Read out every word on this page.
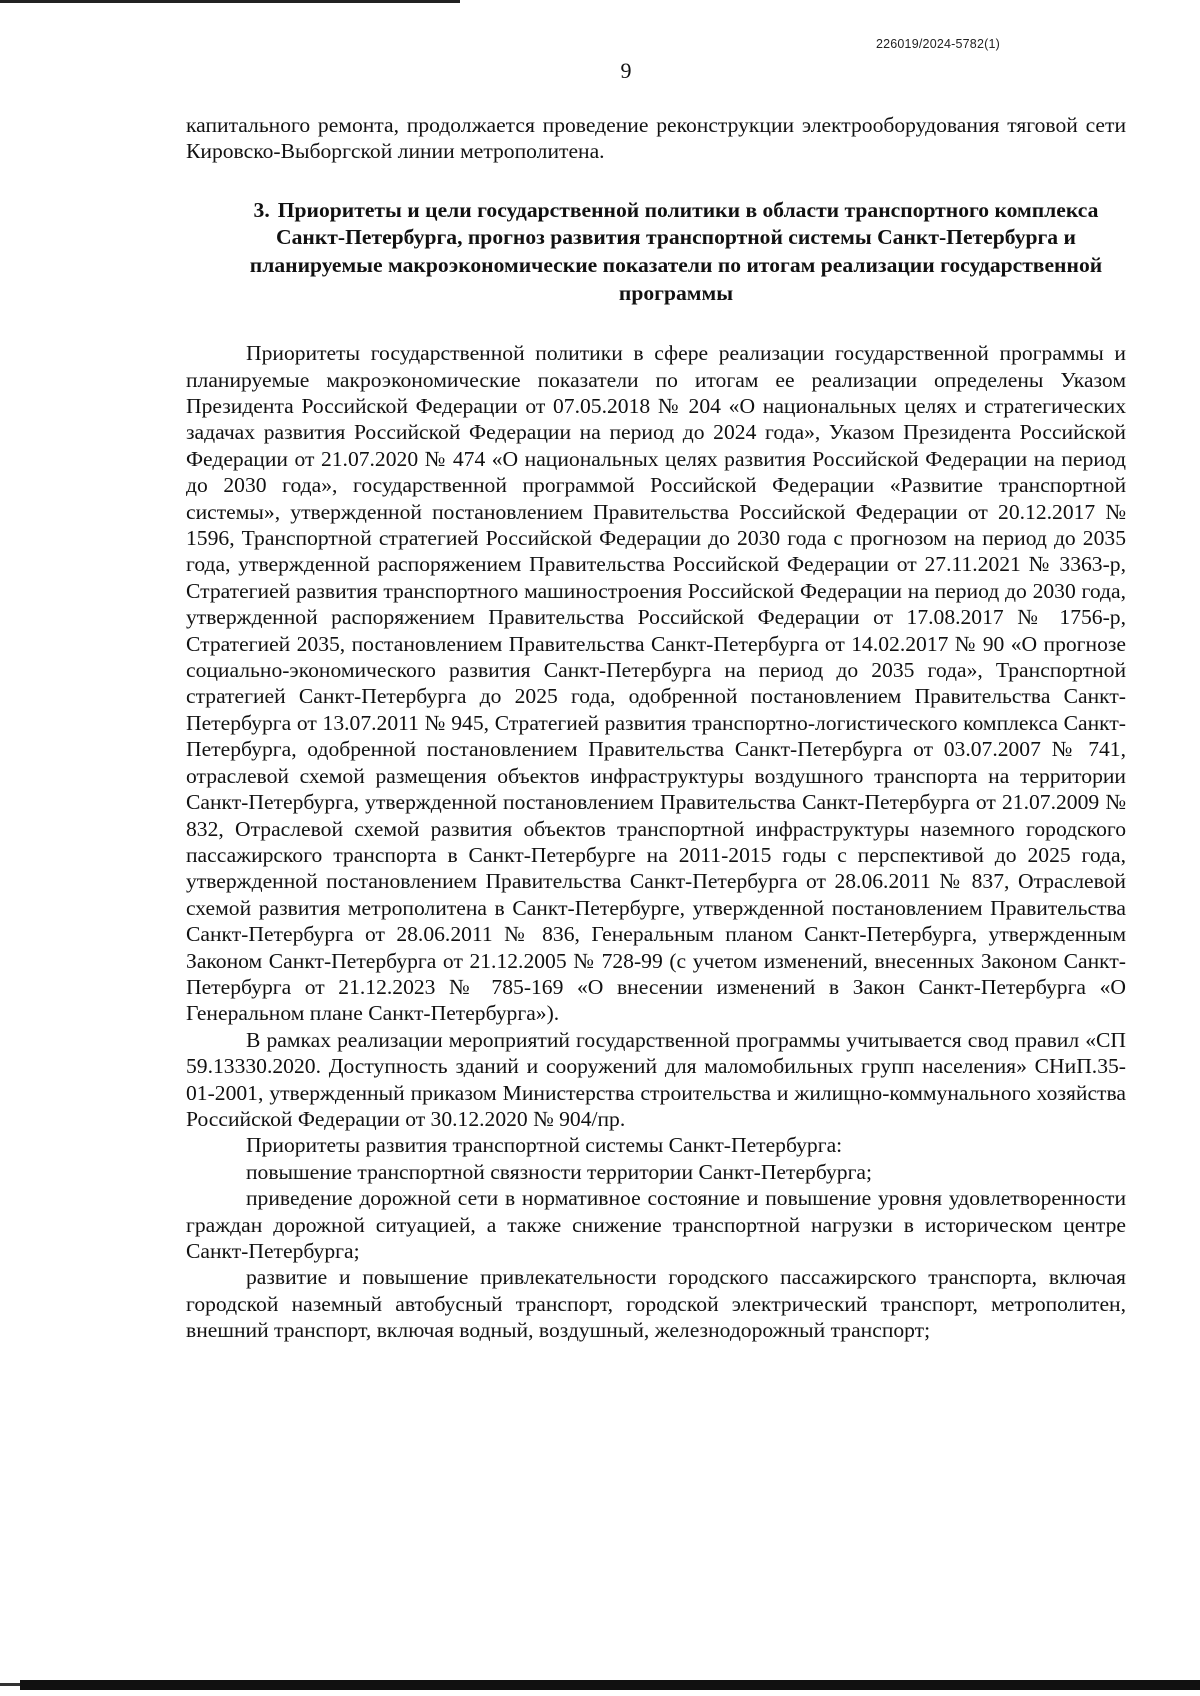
226019/2024-5782(1)
9

капитального ремонта, продолжается проведение реконструкции электрооборудования тяговой сети Кировско-Выборгской линии метрополитена.

3. Приоритеты и цели государственной политики в области транспортного комплекса Санкт-Петербурга, прогноз развития транспортной системы Санкт-Петербурга и планируемые макроэкономические показатели по итогам реализации государственной программы

Приоритеты государственной политики в сфере реализации государственной программы и планируемые макроэкономические показатели по итогам ее реализации определены Указом Президента Российской Федерации от 07.05.2018 № 204 «О национальных целях и стратегических задачах развития Российской Федерации на период до 2024 года», Указом Президента Российской Федерации от 21.07.2020 № 474 «О национальных целях развития Российской Федерации на период до 2030 года», государственной программой Российской Федерации «Развитие транспортной системы», утвержденной постановлением Правительства Российской Федерации от 20.12.2017 № 1596, Транспортной стратегией Российской Федерации до 2030 года с прогнозом на период до 2035 года, утвержденной распоряжением Правительства Российской Федерации от 27.11.2021 № 3363-р, Стратегией развития транспортного машиностроения Российской Федерации на период до 2030 года, утвержденной распоряжением Правительства Российской Федерации от 17.08.2017 № 1756-р, Стратегией 2035, постановлением Правительства Санкт-Петербурга от 14.02.2017 № 90 «О прогнозе социально-экономического развития Санкт-Петербурга на период до 2035 года», Транспортной стратегией Санкт-Петербурга до 2025 года, одобренной постановлением Правительства Санкт-Петербурга от 13.07.2011 № 945, Стратегией развития транспортно-логистического комплекса Санкт-Петербурга, одобренной постановлением Правительства Санкт-Петербурга от 03.07.2007 № 741, отраслевой схемой размещения объектов инфраструктуры воздушного транспорта на территории Санкт-Петербурга, утвержденной постановлением Правительства Санкт-Петербурга от 21.07.2009 № 832, Отраслевой схемой развития объектов транспортной инфраструктуры наземного городского пассажирского транспорта в Санкт-Петербурге на 2011-2015 годы с перспективой до 2025 года, утвержденной постановлением Правительства Санкт-Петербурга от 28.06.2011 № 837, Отраслевой схемой развития метрополитена в Санкт-Петербурге, утвержденной постановлением Правительства Санкт-Петербурга от 28.06.2011 № 836, Генеральным планом Санкт-Петербурга, утвержденным Законом Санкт-Петербурга от 21.12.2005 № 728-99 (с учетом изменений, внесенных Законом Санкт-Петербурга от 21.12.2023 № 785-169 «О внесении изменений в Закон Санкт-Петербурга «О Генеральном плане Санкт-Петербурга»).

В рамках реализации мероприятий государственной программы учитывается свод правил «СП 59.13330.2020. Доступность зданий и сооружений для маломобильных групп населения» СНиП.35-01-2001, утвержденный приказом Министерства строительства и жилищно-коммунального хозяйства Российской Федерации от 30.12.2020 № 904/пр.

Приоритеты развития транспортной системы Санкт-Петербурга:

повышение транспортной связности территории Санкт-Петербурга;

приведение дорожной сети в нормативное состояние и повышение уровня удовлетворенности граждан дорожной ситуацией, а также снижение транспортной нагрузки в историческом центре Санкт-Петербурга;

развитие и повышение привлекательности городского пассажирского транспорта, включая городской наземный автобусный транспорт, городской электрический транспорт, метрополитен, внешний транспорт, включая водный, воздушный, железнодорожный транспорт;
